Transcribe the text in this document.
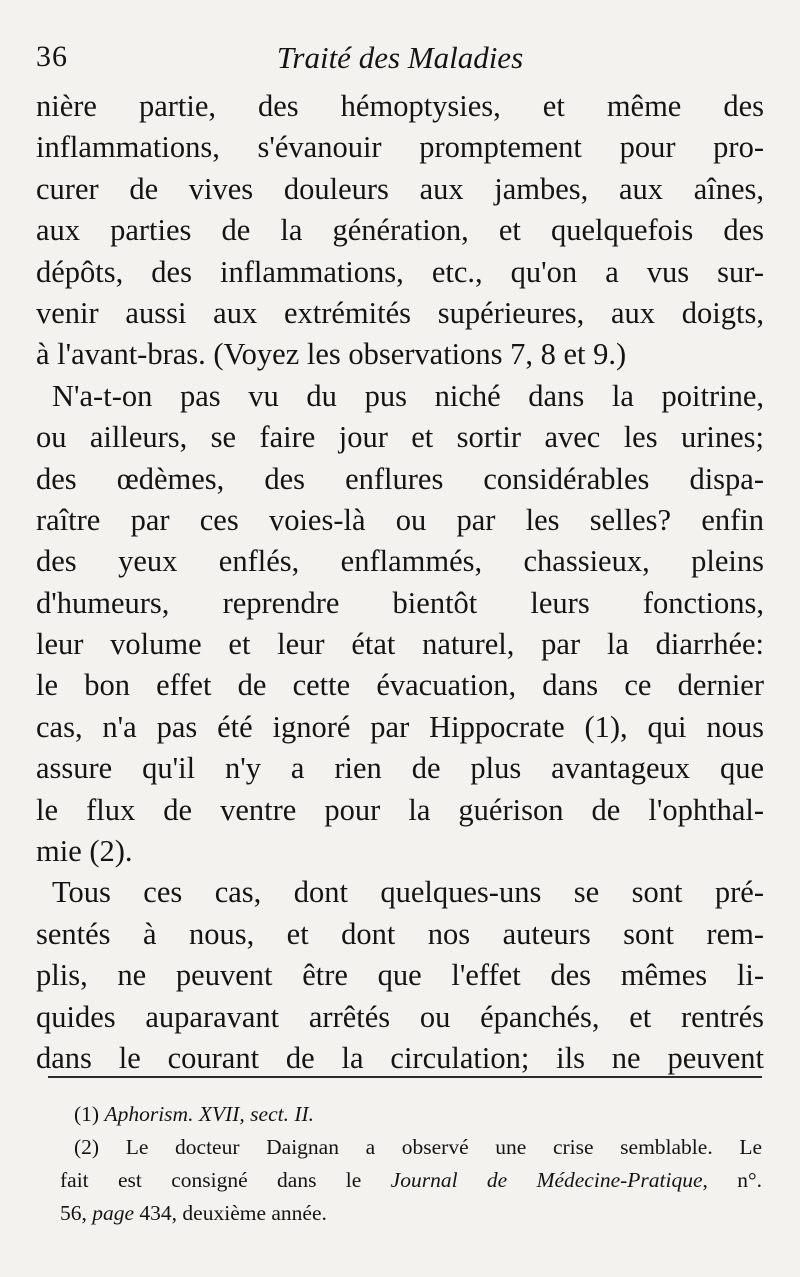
36	Traité des Maladies
nière partie, des hémoptysies, et même des
inflammations, s'évanouir promptement pour pro-
curer de vives douleurs aux jambes, aux aînes,
aux parties de la génération, et quelquefois des
dépôts, des inflammations, etc., qu'on a vus sur-
venir aussi aux extrémités supérieures, aux doigts,
à l'avant-bras. (Voyez les observations 7, 8 et 9.)
N'a-t-on pas vu du pus niché dans la poitrine,
ou ailleurs, se faire jour et sortir avec les urines;
des œdèmes, des enflures considérables dispa-
raître par ces voies-là ou par les selles? enfin
des yeux enflés, enflammés, chassieux, pleins
d'humeurs, reprendre bientôt leurs fonctions,
leur volume et leur état naturel, par la diarrhée:
le bon effet de cette évacuation, dans ce dernier
cas, n'a pas été ignoré par Hippocrate (1), qui nous
assure qu'il n'y a rien de plus avantageux que
le flux de ventre pour la guérison de l'ophthal-
mie (2).
Tous ces cas, dont quelques-uns se sont pré-
sentés à nous, et dont nos auteurs sont rem-
plis, ne peuvent être que l'effet des mêmes li-
quides auparavant arrêtés ou épanchés, et rentrés
dans le courant de la circulation; ils ne peuvent
(1) Aphorism. XVII, sect. II.
(2) Le docteur Daignan a observé une crise semblable. Le
fait est consigné dans le Journal de Médecine-Pratique, n°.
56, page 434, deuxième année.
